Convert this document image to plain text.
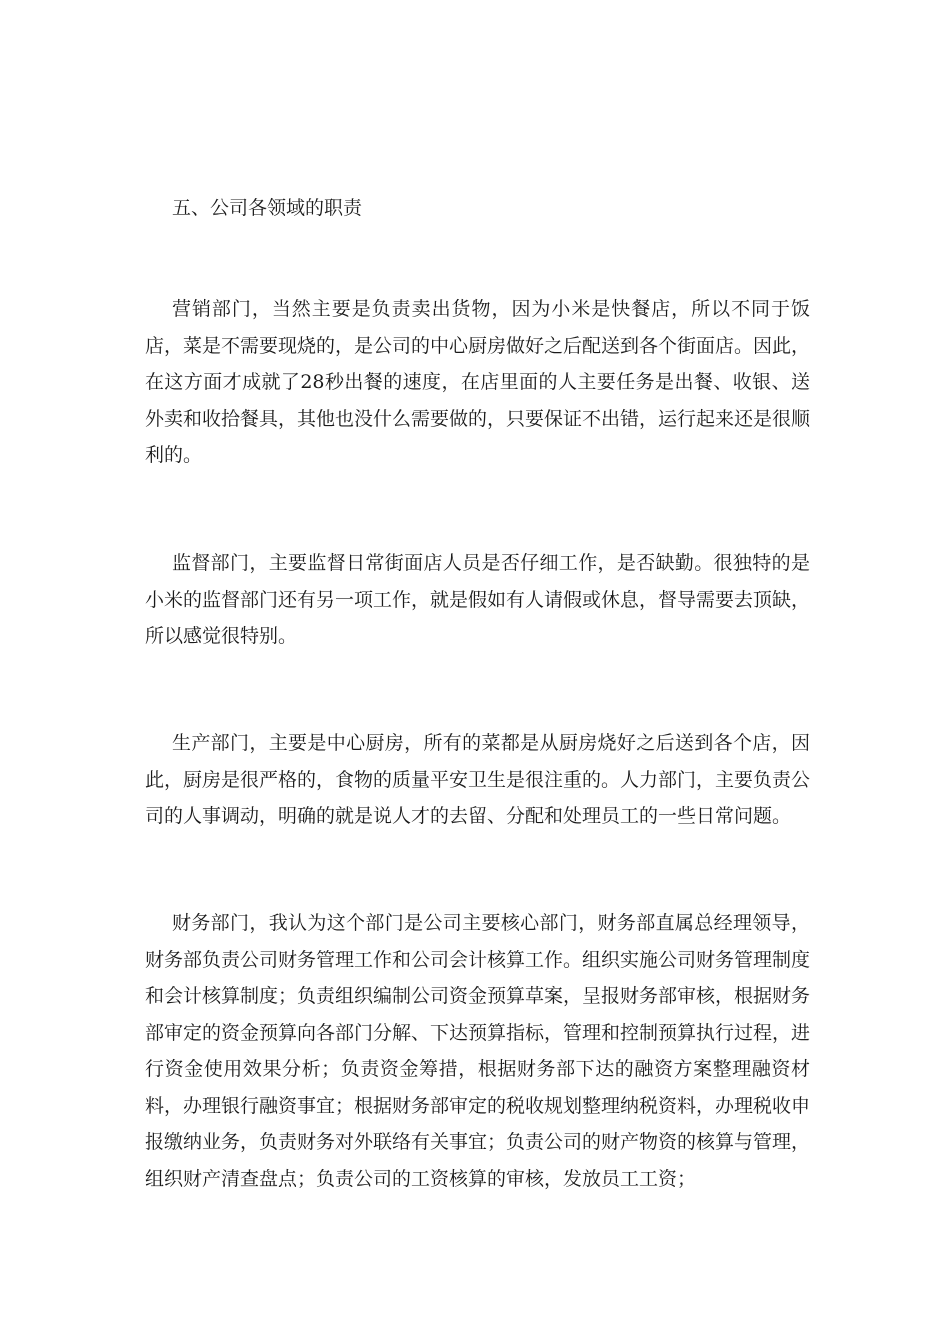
五、公司各领域的职责

营销部门，当然主要是负责卖出货物，因为小米是快餐店，所以不同于饭店，菜是不需要现烧的，是公司的中心厨房做好之后配送到各个街面店。因此，在这方面才成就了28秒出餐的速度，在店里面的人主要任务是出餐、收银、送外卖和收拾餐具，其他也没什么需要做的，只要保证不出错，运行起来还是很顺利的。

监督部门，主要监督日常街面店人员是否仔细工作，是否缺勤。很独特的是小米的监督部门还有另一项工作，就是假如有人请假或休息，督导需要去顶缺，所以感觉很特别。

生产部门，主要是中心厨房，所有的菜都是从厨房烧好之后送到各个店，因此，厨房是很严格的，食物的质量平安卫生是很注重的。人力部门，主要负责公司的人事调动，明确的就是说人才的去留、分配和处理员工的一些日常问题。

财务部门，我认为这个部门是公司主要核心部门，财务部直属总经理领导，财务部负责公司财务管理工作和公司会计核算工作。组织实施公司财务管理制度和会计核算制度；负责组织编制公司资金预算草案，呈报财务部审核，根据财务部审定的资金预算向各部门分解、下达预算指标，管理和控制预算执行过程，进行资金使用效果分析；负责资金筹措，根据财务部下达的融资方案整理融资材料，办理银行融资事宜；根据财务部审定的税收规划整理纳税资料，办理税收申报缴纳业务，负责财务对外联络有关事宜；负责公司的财产物资的核算与管理，组织财产清查盘点；负责公司的工资核算的审核，发放员工工资；
